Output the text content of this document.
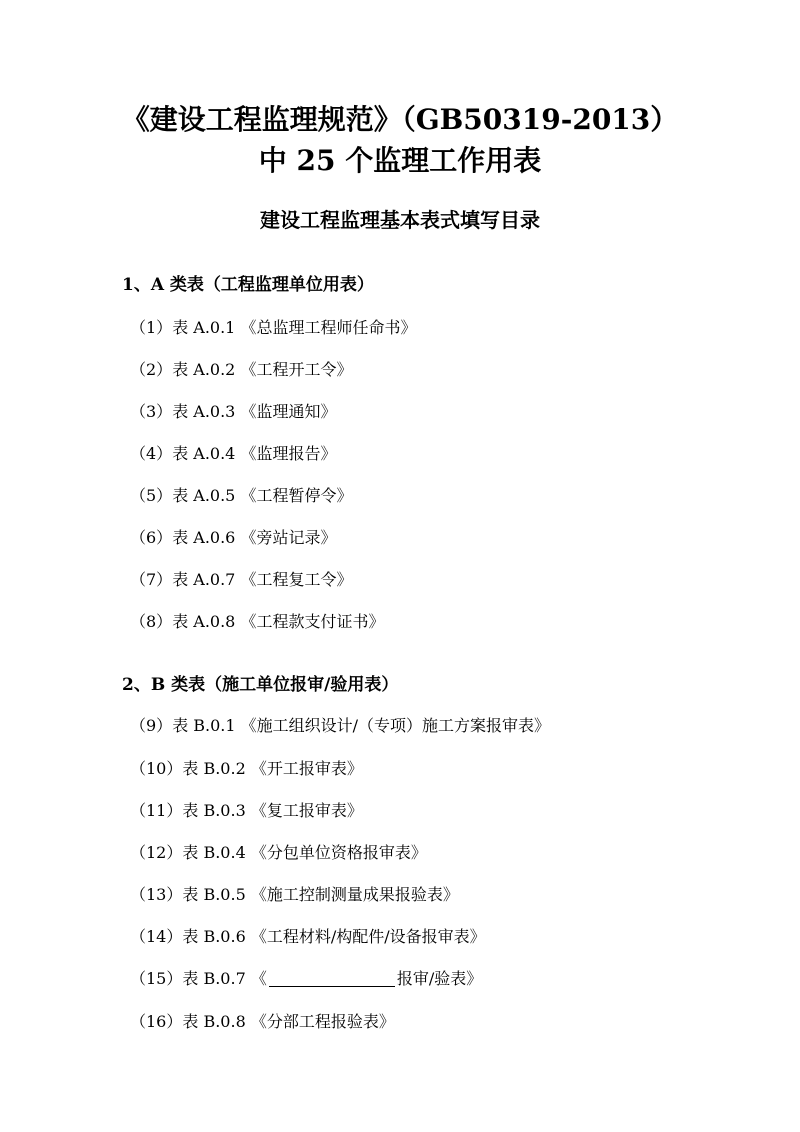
《建设工程监理规范》（GB50319-2013）
中 25 个监理工作用表
建设工程监理基本表式填写目录
1、A 类表（工程监理单位用表）
（1）表 A.0.1 《总监理工程师任命书》
（2）表 A.0.2 《工程开工令》
（3）表 A.0.3 《监理通知》
（4）表 A.0.4 《监理报告》
（5）表 A.0.5 《工程暂停令》
（6）表 A.0.6 《旁站记录》
（7）表 A.0.7 《工程复工令》
（8）表 A.0.8 《工程款支付证书》
2、B 类表（施工单位报审/验用表）
（9）表 B.0.1 《施工组织设计/（专项）施工方案报审表》
（10）表 B.0.2 《开工报审表》
（11）表 B.0.3 《复工报审表》
（12）表 B.0.4 《分包单位资格报审表》
（13）表 B.0.5 《施工控制测量成果报验表》
（14）表 B.0.6 《工程材料/构配件/设备报审表》
（15）表 B.0.7 《	报审/验表》
（16）表 B.0.8 《分部工程报验表》
